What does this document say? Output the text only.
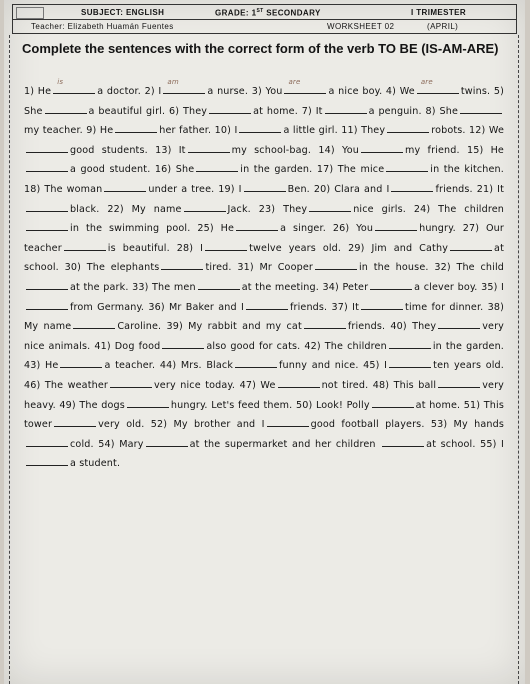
SUBJECT: ENGLISH	GRADE: 1ST SECONDARY	I TRIMESTER
Teacher: Elizabeth Huamán Fuentes	WORKSHEET 02	(APRIL)
Complete the sentences with the correct form of the verb TO BE (IS-AM-ARE)
1) He
is
a doctor. 2) I
am
a nurse. 3) You
are
a nice boy. 4) We
are
twins. 5) She	a beautiful girl. 6) They	at home. 7) It	a penguin. 8) Shemy teacher. 9) He	her father. 10) I	a little girl. 11) They	robots. 12) Wegood students. 13) It	my school-bag. 14) You	my friend. 15) Hea good student. 16) She	in the garden. 17) The mice	in the kitchen. 18) The woman	under a tree. 19) I	Ben. 20) Clara and I	friends. 21) Itblack. 22) My name	Jack. 23) They	nice girls. 24) The childrenin the swimming pool. 25) He	a singer. 26) You	hungry. 27) Our teacher	is beautiful. 28) I	twelve years old. 29) Jim and Cathy	at school. 30) The elephants	tired. 31) Mr Cooper	in the house. 32) The childat the park. 33) The men	at the meeting. 34) Peter	a clever boy. 35) Ifrom Germany. 36) Mr Baker and I	friends. 37) It	time for dinner. 38) My name	Caroline. 39) My rabbit and my cat	friends. 40) They	very nice animals. 41) Dog food	also good for cats. 42) The children	in the garden. 43) He	a teacher. 44) Mrs. Black	funny and nice. 45) I	ten years old. 46) The weather	very nice today. 47) We	not tired. 48) This ball	very heavy. 49) The dogs	hungry. Let's feed them. 50) Look! Polly	at home. 51) This tower	very old. 52) My brother and I	good football players. 53) My handscold. 54) Mary	at the supermarket and her children	at school. 55) Ia student.
